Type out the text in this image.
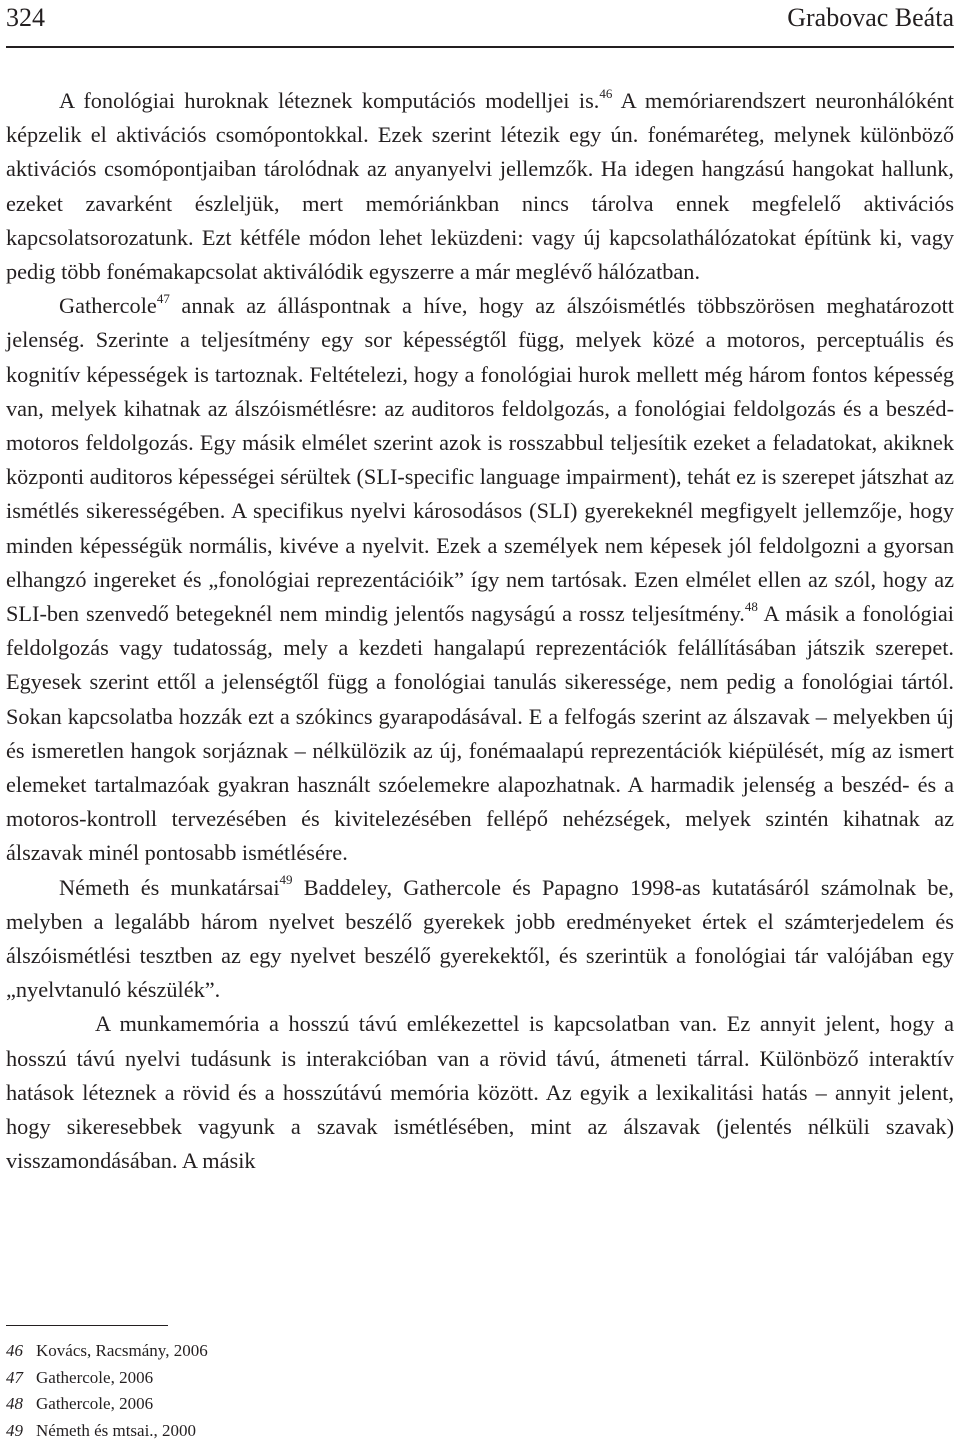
324	Grabovac Beáta

A fonológiai huroknak léteznek komputációs modelljei is.$^{46}$ A memóriarendszert neuronhálóként képzelik el aktivációs csomópontokkal. Ezek szerint létezik egy ún. fonémaréteg, melynek különböző aktivációs csomópontjaiban tárolódnak az anyanyelvi jellemzők. Ha idegen hangzású hangokat hallunk, ezeket zavarként észleljük, mert memóriánkban nincs tárolva ennek megfelelő aktivációs kapcsolatsorozatunk. Ezt kétféle módon lehet leküzdeni: vagy új kapcsolathálózatokat építünk ki, vagy pedig több fonémakapcsolat aktiválódik egyszerre a már meglévő hálózatban.

Gathercole$^{47}$ annak az álláspontnak a híve, hogy az álszóismétlés többszörösen meghatározott jelenség. Szerinte a teljesítmény egy sor képességtől függ, melyek közé a motoros, perceptuális és kognitív képességek is tartoznak. Feltételezi, hogy a fonológiai hurok mellett még három fontos képesség van, melyek kihatnak az álszóismétlésre: az auditoros feldolgozás, a fonológiai feldolgozás és a beszéd-motoros feldolgozás. Egy másik elmélet szerint azok is rosszabbul teljesítik ezeket a feladatokat, akiknek központi auditoros képességei sérültek (SLI-specific language impairment), tehát ez is szerepet játszhat az ismétlés sikerességében. A specifikus nyelvi károsodásos (SLI) gyerekeknél megfigyelt jellemzője, hogy minden képességük normális, kivéve a nyelvit. Ezek a személyek nem képesek jól feldolgozni a gyorsan elhangzó ingereket és „fonológiai reprezentációik” így nem tartósak. Ezen elmélet ellen az szól, hogy az SLI-ben szenvedő betegeknél nem mindig jelentős nagyságú a rossz teljesítmény.$^{48}$ A másik a fonológiai feldolgozás vagy tudatosság, mely a kezdeti hangalapú reprezentációk felállításában játszik szerepet. Egyesek szerint ettől a jelenségtől függ a fonológiai tanulás sikeressége, nem pedig a fonológiai tártól. Sokan kapcsolatba hozzák ezt a szókincs gyarapodásával. E a felfogás szerint az álszavak – melyekben új és ismeretlen hangok sorjáznak – nélkülözik az új, fonémaalapú reprezentációk kiépülését, míg az ismert elemeket tartalmazóak gyakran használt szóelemekre alapozhatnak. A harmadik jelenség a beszéd- és a motoros-kontroll tervezésében és kivitelezésében fellépő nehézségek, melyek szintén kihatnak az álszavak minél pontosabb ismétlésére.

Németh és munkatársai$^{49}$ Baddeley, Gathercole és Papagno 1998-as kutatásáról számolnak be, melyben a legalább három nyelvet beszélő gyerekek jobb eredményeket értek el számterjedelem és álszóismétlési tesztben az egy nyelvet beszélő gyerekektől, és szerintük a fonológiai tár valójában egy „nyelvtanuló készülék”.

A munkamemória a hosszú távú emlékezettel is kapcsolatban van. Ez annyit jelent, hogy a hosszú távú nyelvi tudásunk is interakcióban van a rövid távú, átmeneti tárral. Különböző interaktív hatások léteznek a rövid és a hosszútávú memória között. Az egyik a lexikalitási hatás – annyit jelent, hogy sikeresebbek vagyunk a szavak ismétlésében, mint az álszavak (jelentés nélküli szavak) visszamondásában. A másik

46 Kovács, Racsmány, 2006
47 Gathercole, 2006
48 Gathercole, 2006
49 Németh és mtsai., 2000
